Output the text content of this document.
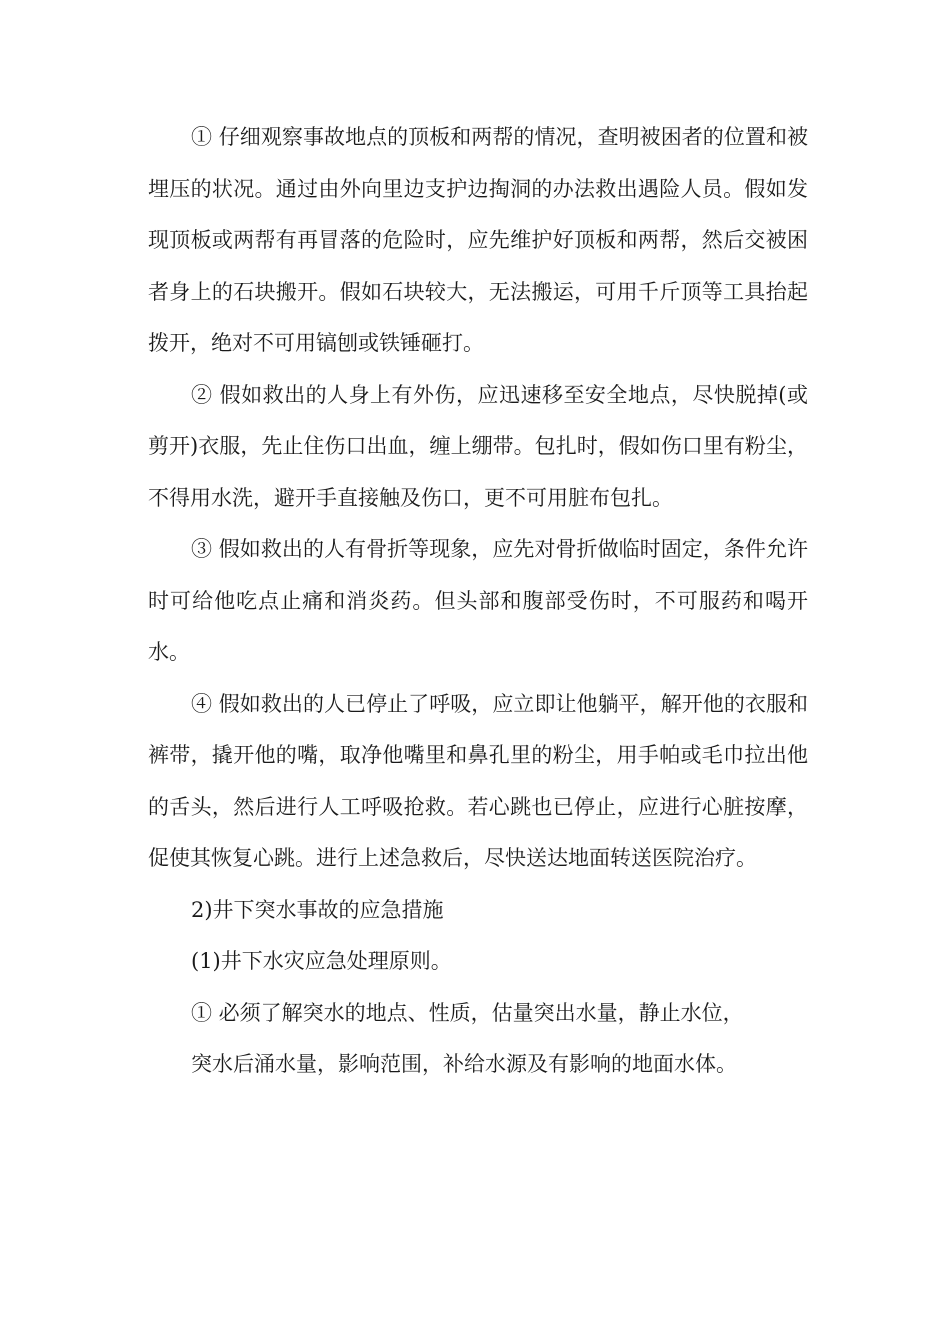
① 仔细观察事故地点的顶板和两帮的情况，查明被困者的位置和被埋压的状况。通过由外向里边支护边掏洞的办法救出遇险人员。假如发现顶板或两帮有再冒落的危险时，应先维护好顶板和两帮，然后交被困者身上的石块搬开。假如石块较大，无法搬运，可用千斤顶等工具抬起拨开，绝对不可用镐刨或铁锤砸打。

② 假如救出的人身上有外伤，应迅速移至安全地点，尽快脱掉(或剪开)衣服，先止住伤口出血，缠上绷带。包扎时，假如伤口里有粉尘，不得用水洗，避开手直接触及伤口，更不可用脏布包扎。

③ 假如救出的人有骨折等现象，应先对骨折做临时固定，条件允许时可给他吃点止痛和消炎药。但头部和腹部受伤时，不可服药和喝开水。

④ 假如救出的人已停止了呼吸，应立即让他躺平，解开他的衣服和裤带，撬开他的嘴，取净他嘴里和鼻孔里的粉尘，用手帕或毛巾拉出他的舌头，然后进行人工呼吸抢救。若心跳也已停止，应进行心脏按摩，促使其恢复心跳。进行上述急救后，尽快送达地面转送医院治疗。

2)井下突水事故的应急措施

(1)井下水灾应急处理原则。

① 必须了解突水的地点、性质，估量突出水量，静止水位，

突水后涌水量，影响范围，补给水源及有影响的地面水体。
